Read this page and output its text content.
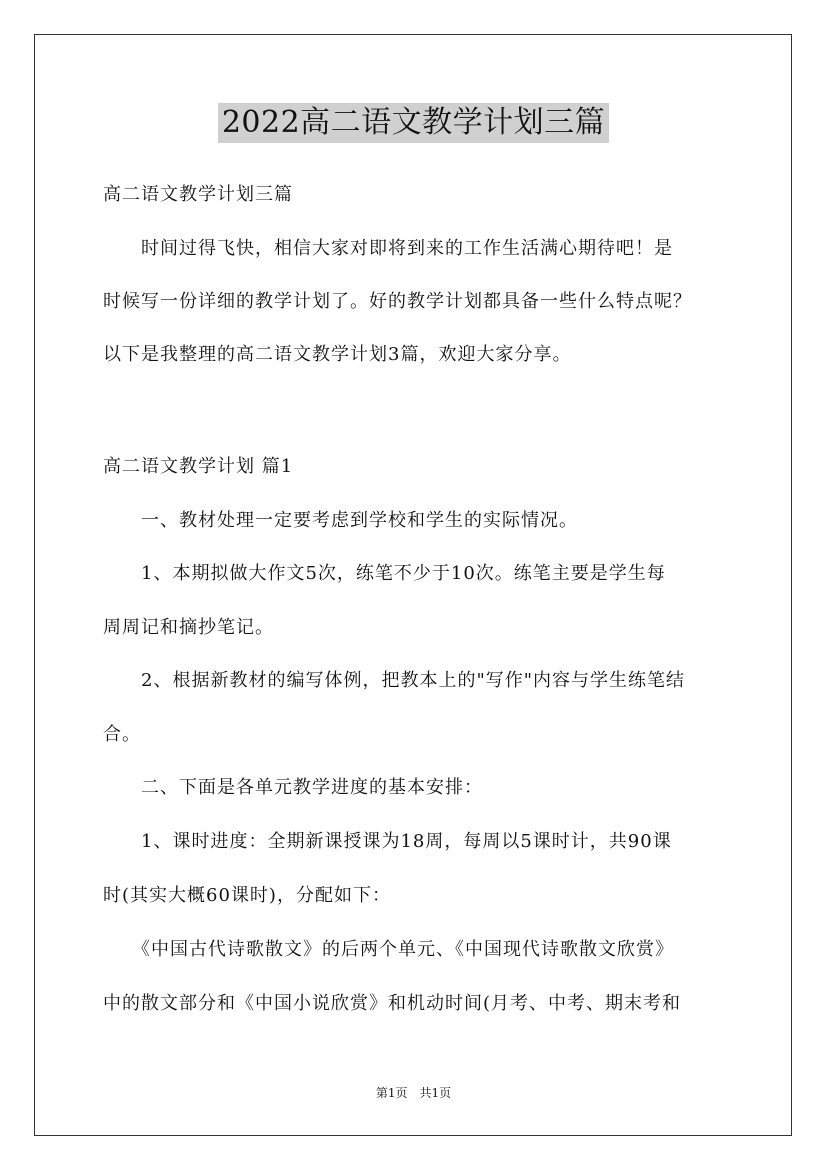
2022高二语文教学计划三篇
高二语文教学计划三篇
　　时间过得飞快，相信大家对即将到来的工作生活满心期待吧！是
时候写一份详细的教学计划了。好的教学计划都具备一些什么特点呢？
以下是我整理的高二语文教学计划3篇，欢迎大家分享。
高二语文教学计划 篇1
　　一、教材处理一定要考虑到学校和学生的实际情况。
　　1、本期拟做大作文5次，练笔不少于10次。练笔主要是学生每
周周记和摘抄笔记。
　　2、根据新教材的编写体例，把教本上的"写作"内容与学生练笔结
合。
　　二、下面是各单元教学进度的基本安排：
　　1、课时进度：全期新课授课为18周，每周以5课时计，共90课
时(其实大概60课时)，分配如下：
　　《中国古代诗歌散文》的后两个单元、《中国现代诗歌散文欣赏》
中的散文部分和《中国小说欣赏》和机动时间(月考、中考、期末考和
第1页　共1页
